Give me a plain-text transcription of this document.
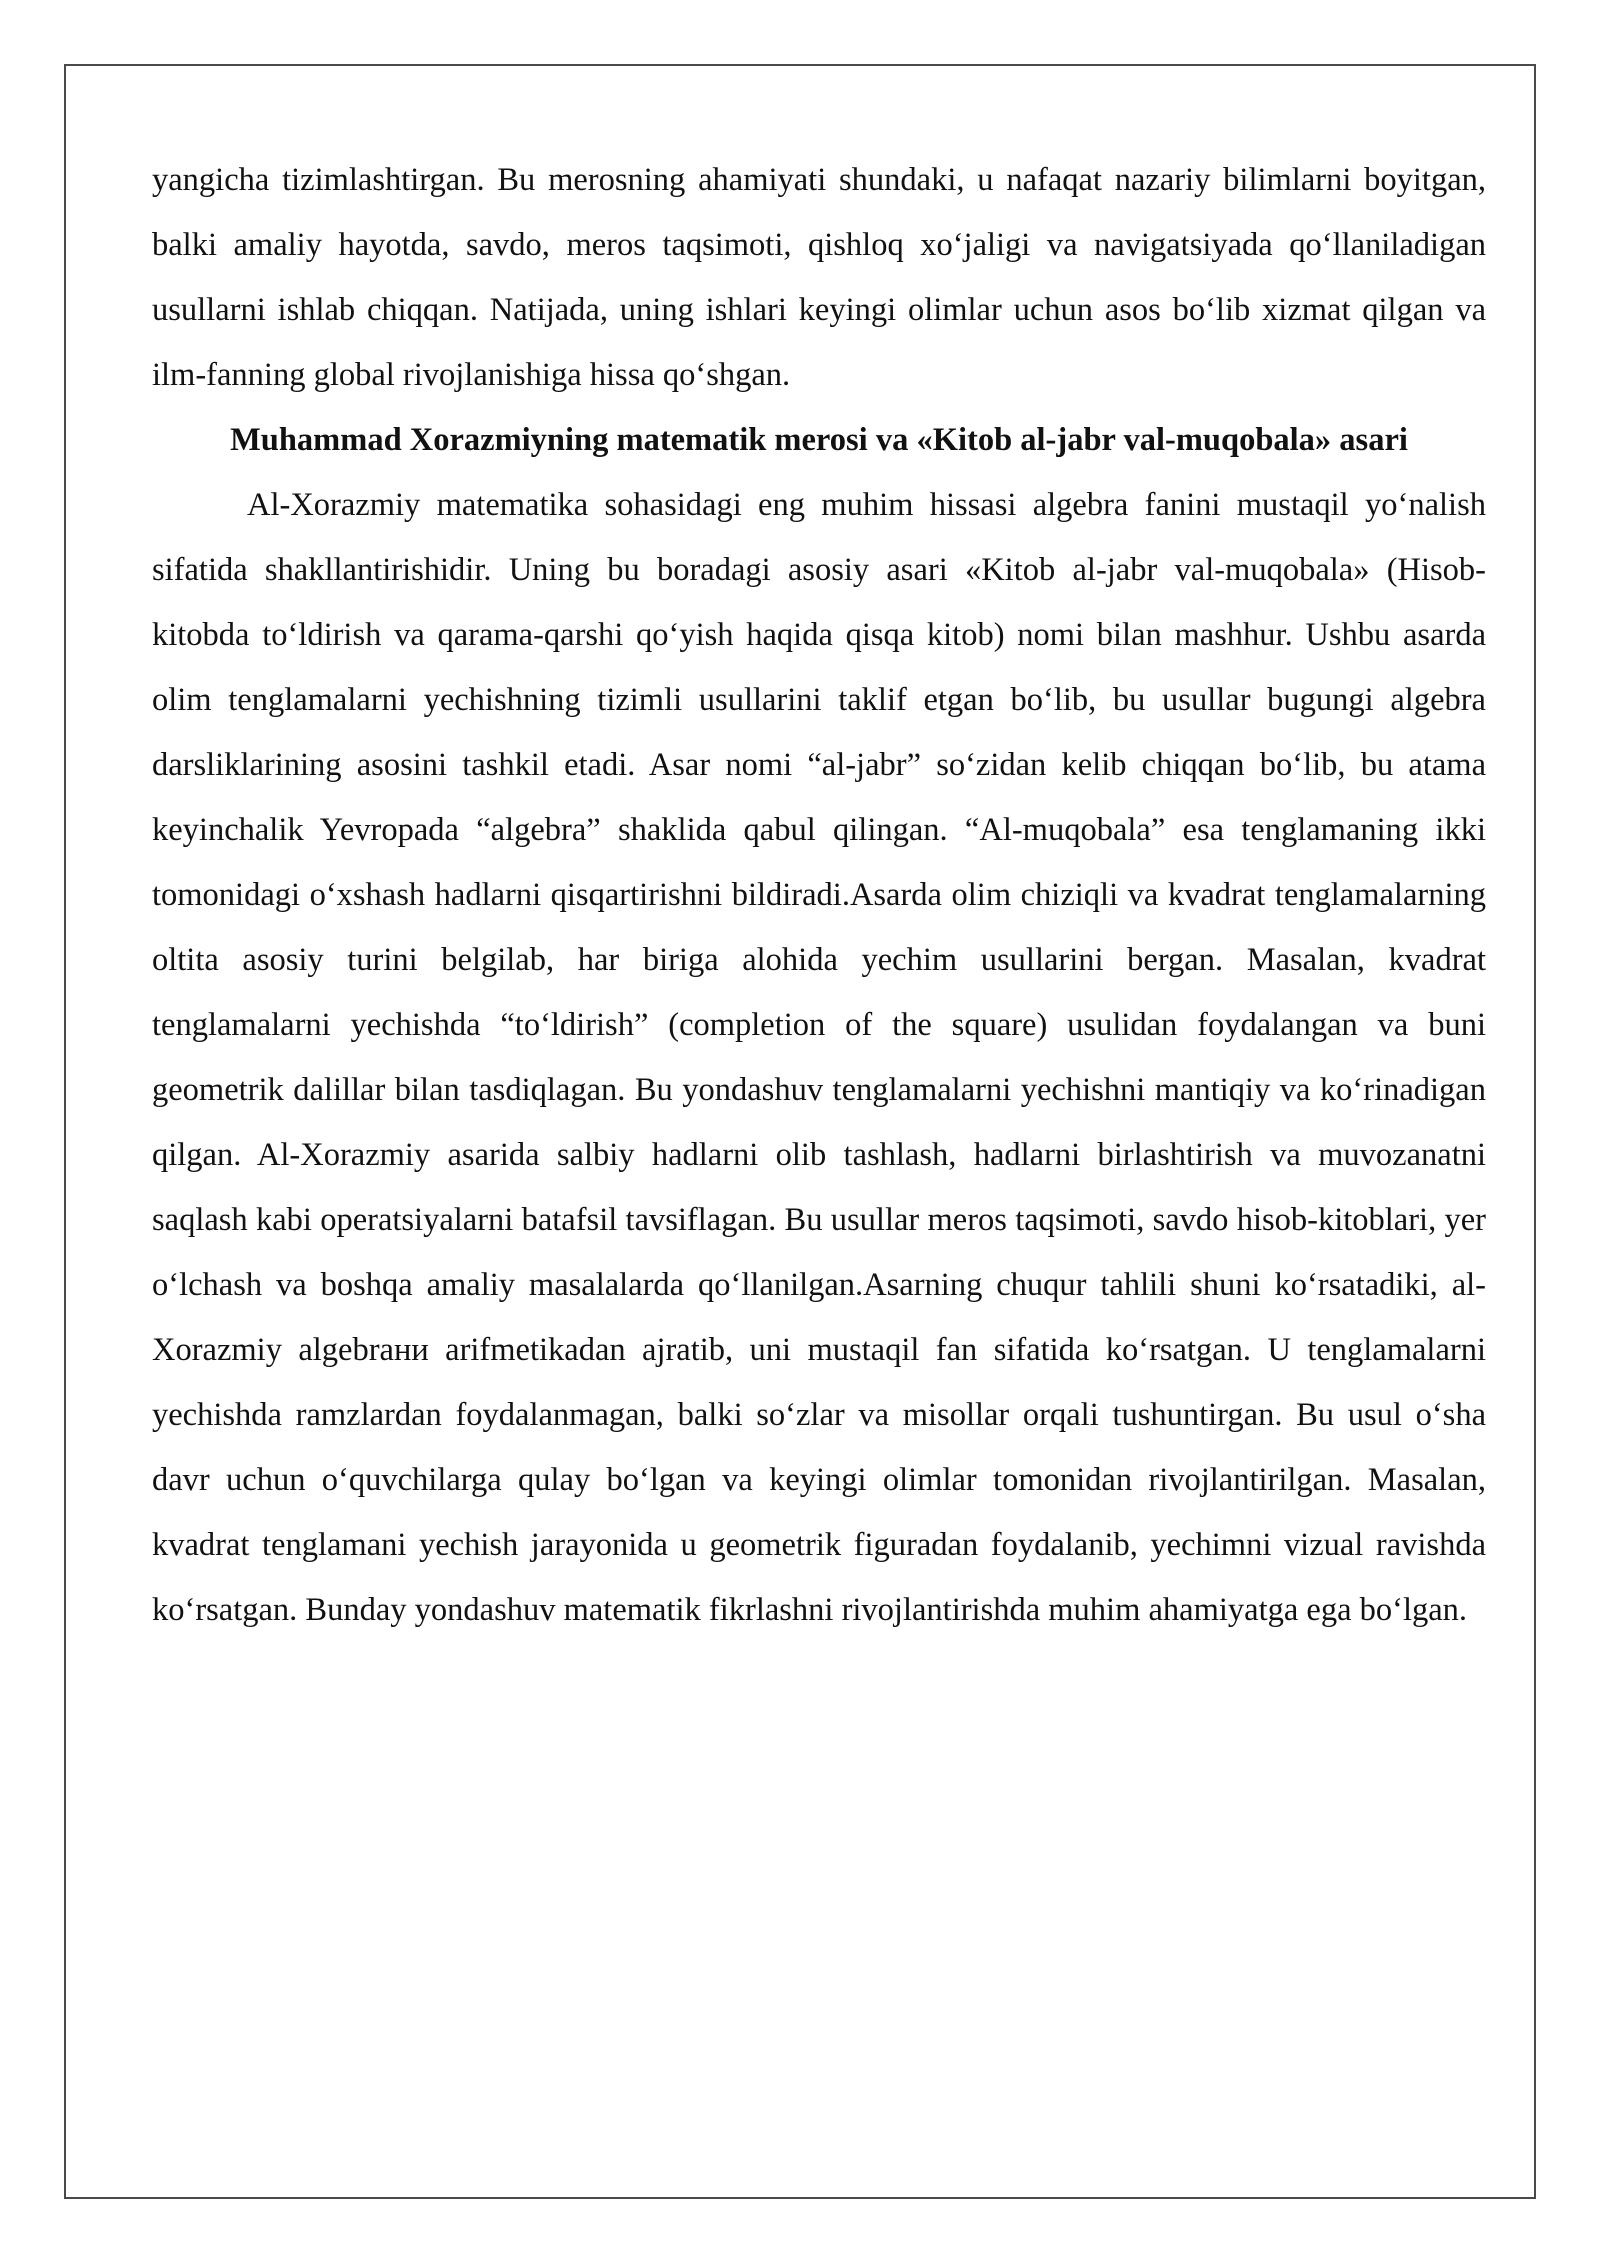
yangicha tizimlashtirgan. Bu merosning ahamiyati shundaki, u nafaqat nazariy bilimlarni boyitgan, balki amaliy hayotda, savdo, meros taqsimoti, qishloq xoʻjaligi va navigatsiyada qoʻllaniladigan usullarni ishlab chiqqan. Natijada, uning ishlari keyingi olimlar uchun asos boʻlib xizmat qilgan va ilm-fanning global rivojlanishiga hissa qoʻshgan.

Muhammad Xorazmiyning matematik merosi va «Kitob al-jabr val-muqobala» asari

Al-Xorazmiy matematika sohasidagi eng muhim hissasi algebra fanini mustaqil yoʻnalish sifatida shakllantirishidir. Uning bu boradagi asosiy asari «Kitob al-jabr val-muqobala» (Hisob-kitobda toʻldirish va qarama-qarshi qoʻyish haqida qisqa kitob) nomi bilan mashhur. Ushbu asarda olim tenglamalarni yechishning tizimli usullarini taklif etgan boʻlib, bu usullar bugungi algebra darsliklarining asosini tashkil etadi. Asar nomi “al-jabr” soʻzidan kelib chiqqan boʻlib, bu atama keyinchalik Yevropada “algebra” shaklida qabul qilingan. “Al-muqobala” esa tenglamaning ikki tomonidagi oʻxshash hadlarni qisqartirishni bildiradi.Asarda olim chiziqli va kvadrat tenglamalarning oltita asosiy turini belgilab, har biriga alohida yechim usullarini bergan. Masalan, kvadrat tenglamalarni yechishda “toʻldirish” (completion of the square) usulidan foydalangan va buni geometrik dalillar bilan tasdiqlagan. Bu yondashuv tenglamalarni yechishni mantiqiy va koʻrinadigan qilgan. Al-Xorazmiy asarida salbiy hadlarni olib tashlash, hadlarni birlashtirish va muvozanatni saqlash kabi operatsiyalarni batafsil tavsiflagan. Bu usullar meros taqsimoti, savdo hisob-kitoblari, yer oʻlchash va boshqa amaliy masalalarda qoʻllanilgan.Asarning chuqur tahlili shuni koʻrsatadiki, al-Xorazmiy algebrани arifmetikadan ajratib, uni mustaqil fan sifatida koʻrsatgan. U tenglamalarni yechishda ramzlardan foydalanmagan, balki soʻzlar va misollar orqali tushuntirgan. Bu usul oʻsha davr uchun oʻquvchilarga qulay boʻlgan va keyingi olimlar tomonidan rivojlantirilgan. Masalan, kvadrat tenglamani yechish jarayonida u geometrik figuradan foydalanib, yechimni vizual ravishda koʻrsatgan. Bunday yondashuv matematik fikrlashni rivojlantirishda muhim ahamiyatga ega boʻlgan.
